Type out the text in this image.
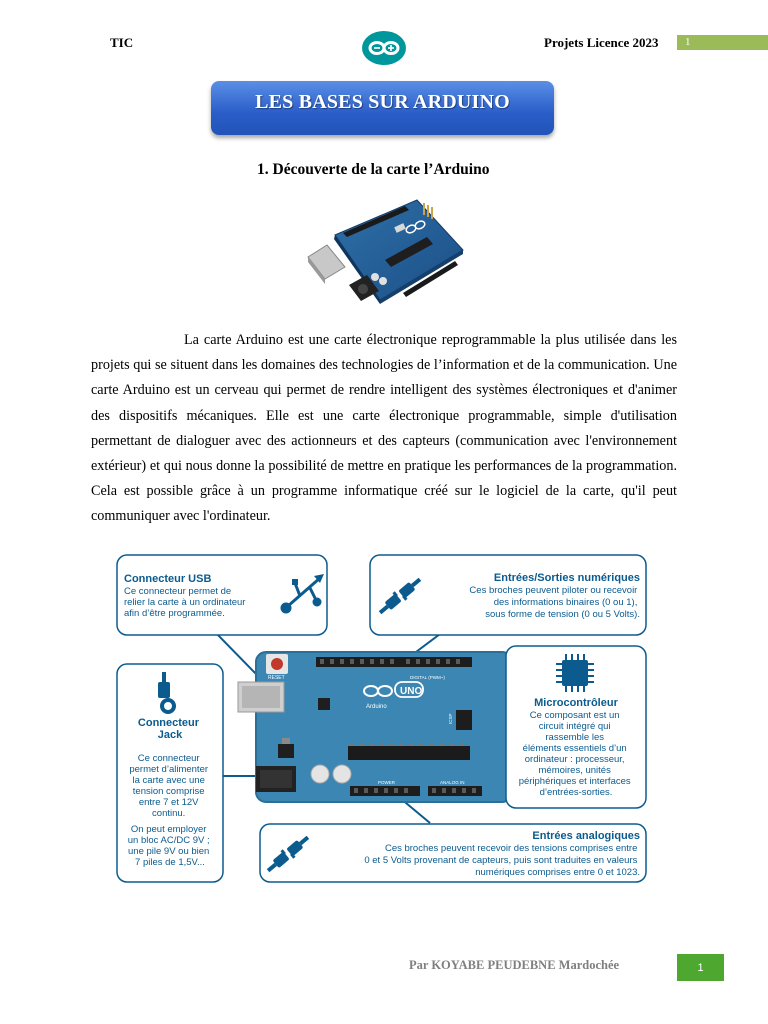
TIC	Projets Licence 2023	1
LES BASES SUR ARDUINO
1. Découverte de la carte l’Arduino

La carte Arduino est une carte électronique reprogrammable la plus utilisée dans les projets qui se situent dans les domaines des technologies de l’information et de la communication. Une carte Arduino est un cerveau qui permet de rendre intelligent des systèmes électroniques et d'animer des dispositifs mécaniques. Elle est une carte électronique programmable, simple d'utilisation permettant de dialoguer avec des actionneurs et des capteurs (communication avec l'environnement extérieur) et qui nous donne la possibilité de mettre en pratique les performances de la programmation. Cela est possible grâce à un programme informatique créé sur le logiciel de la carte, qu'il peut communiquer avec l'ordinateur.

RESET
UNO
Arduino
DIGITAL (PWM~)
POWER	ANALOG IN
ICSP
Connecteur USB
Ce connecteur permet de relier la carte à un ordinateur afin d’être programmée.
Entrées/Sorties numériques
Ces broches peuvent piloter ou recevoir des informations binaires (0 ou 1), sous forme de tension (0 ou 5 Volts).
Connecteur Jack
Ce connecteur permet d’alimenter la carte avec une tension comprise entre 7 et 12V continu. On peut employer un bloc AC/DC 9V ; une pile 9V ou bien 7 piles de 1,5V...
Microcontrôleur
Ce composant est un circuit intégré qui rassemble les éléments essentiels d’un ordinateur : processeur, mémoires, unités périphériques et interfaces d’entrées-sorties.
Entrées analogiques
Ces broches peuvent recevoir des tensions comprises entre 0 et 5 Volts provenant de capteurs, puis sont traduites en valeurs numériques comprises entre 0 et 1023.
Par KOYABE PEUDEBNE Mardochée	1
